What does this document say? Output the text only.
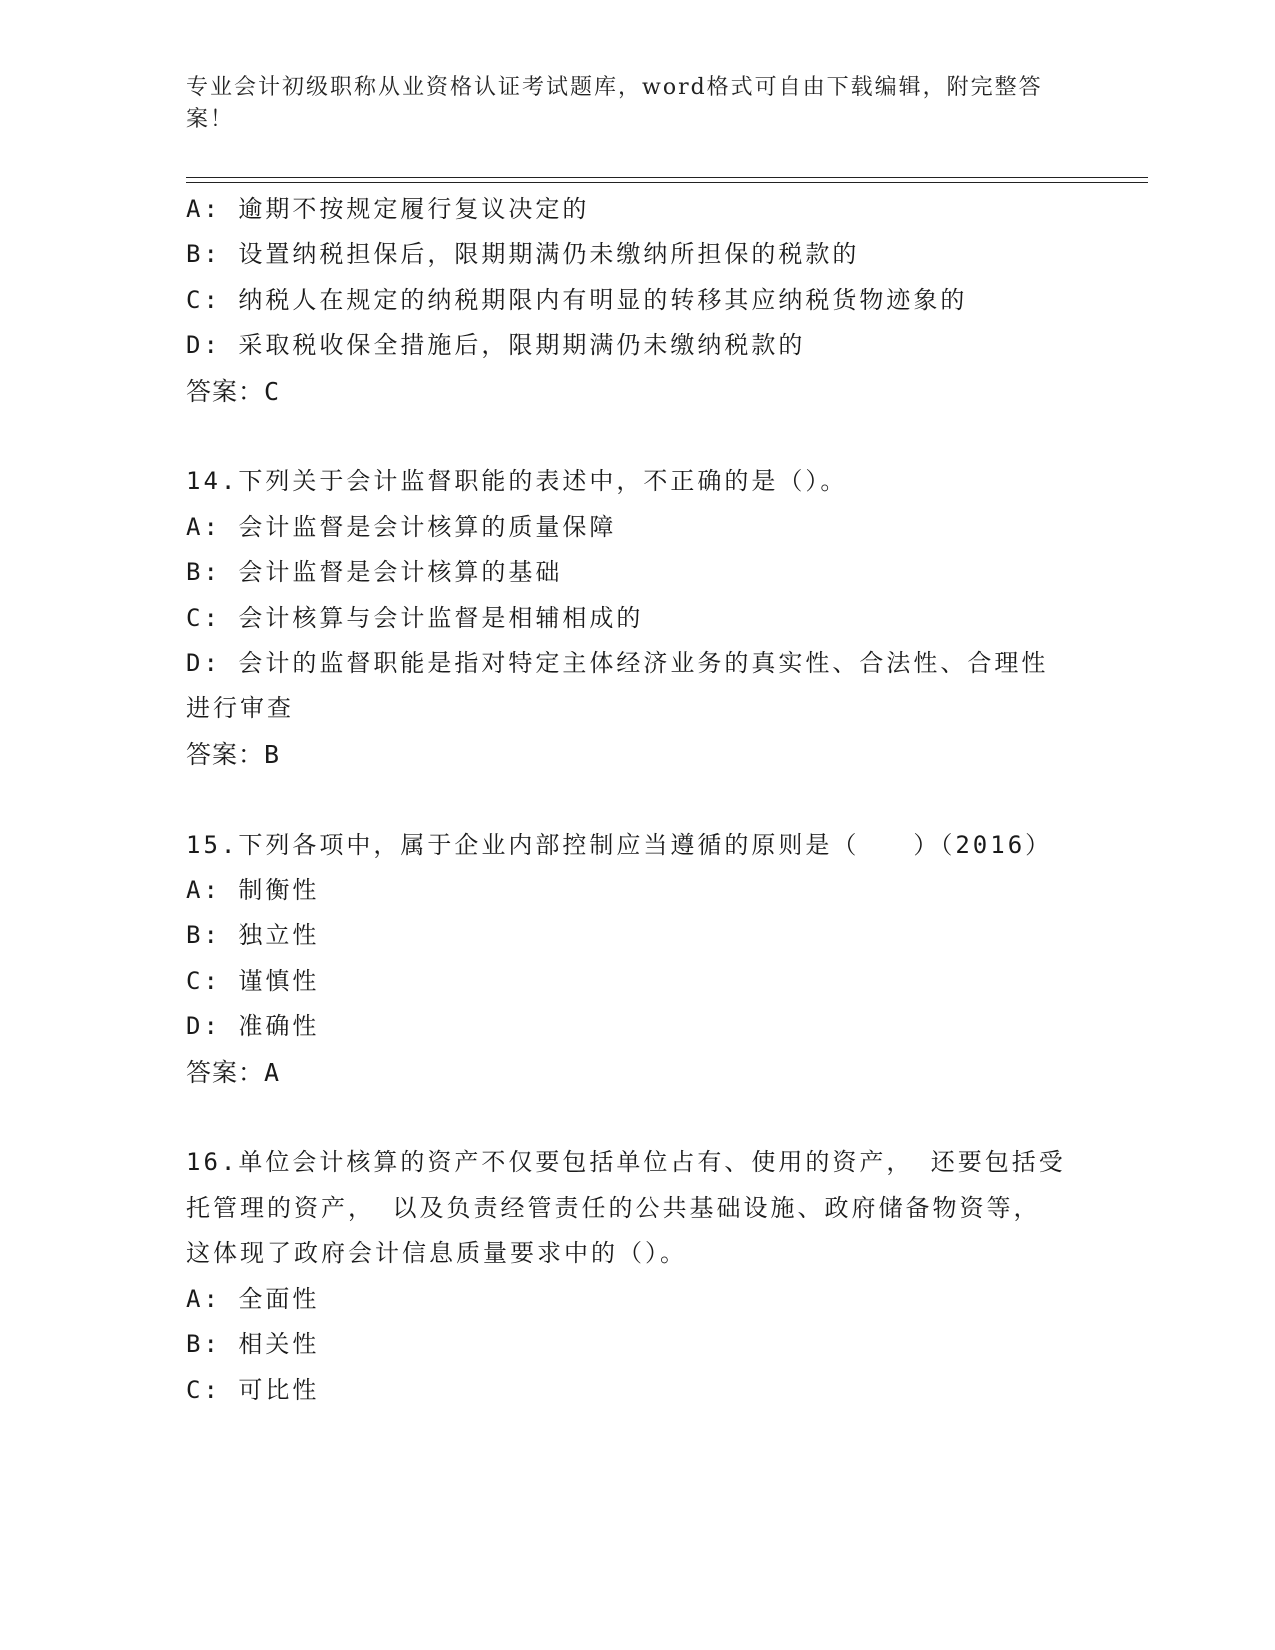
专业会计初级职称从业资格认证考试题库，word格式可自由下载编辑，附完整答案！
A: 逾期不按规定履行复议决定的
B: 设置纳税担保后，限期期满仍未缴纳所担保的税款的
C: 纳税人在规定的纳税期限内有明显的转移其应纳税货物迹象的
D: 采取税收保全措施后，限期期满仍未缴纳税款的
答案：C
14.下列关于会计监督职能的表述中，不正确的是（）。
A: 会计监督是会计核算的质量保障
B: 会计监督是会计核算的基础
C: 会计核算与会计监督是相辅相成的
D: 会计的监督职能是指对特定主体经济业务的真实性、合法性、合理性进行审查
答案：B
15.下列各项中，属于企业内部控制应当遵循的原则是（　　）（2016）
A: 制衡性
B: 独立性
C: 谨慎性
D: 准确性
答案：A
16.单位会计核算的资产不仅要包括单位占有、使用的资产， 还要包括受托管理的资产， 以及负责经管责任的公共基础设施、政府储备物资等， 这体现了政府会计信息质量要求中的（）。
A: 全面性
B: 相关性
C: 可比性
